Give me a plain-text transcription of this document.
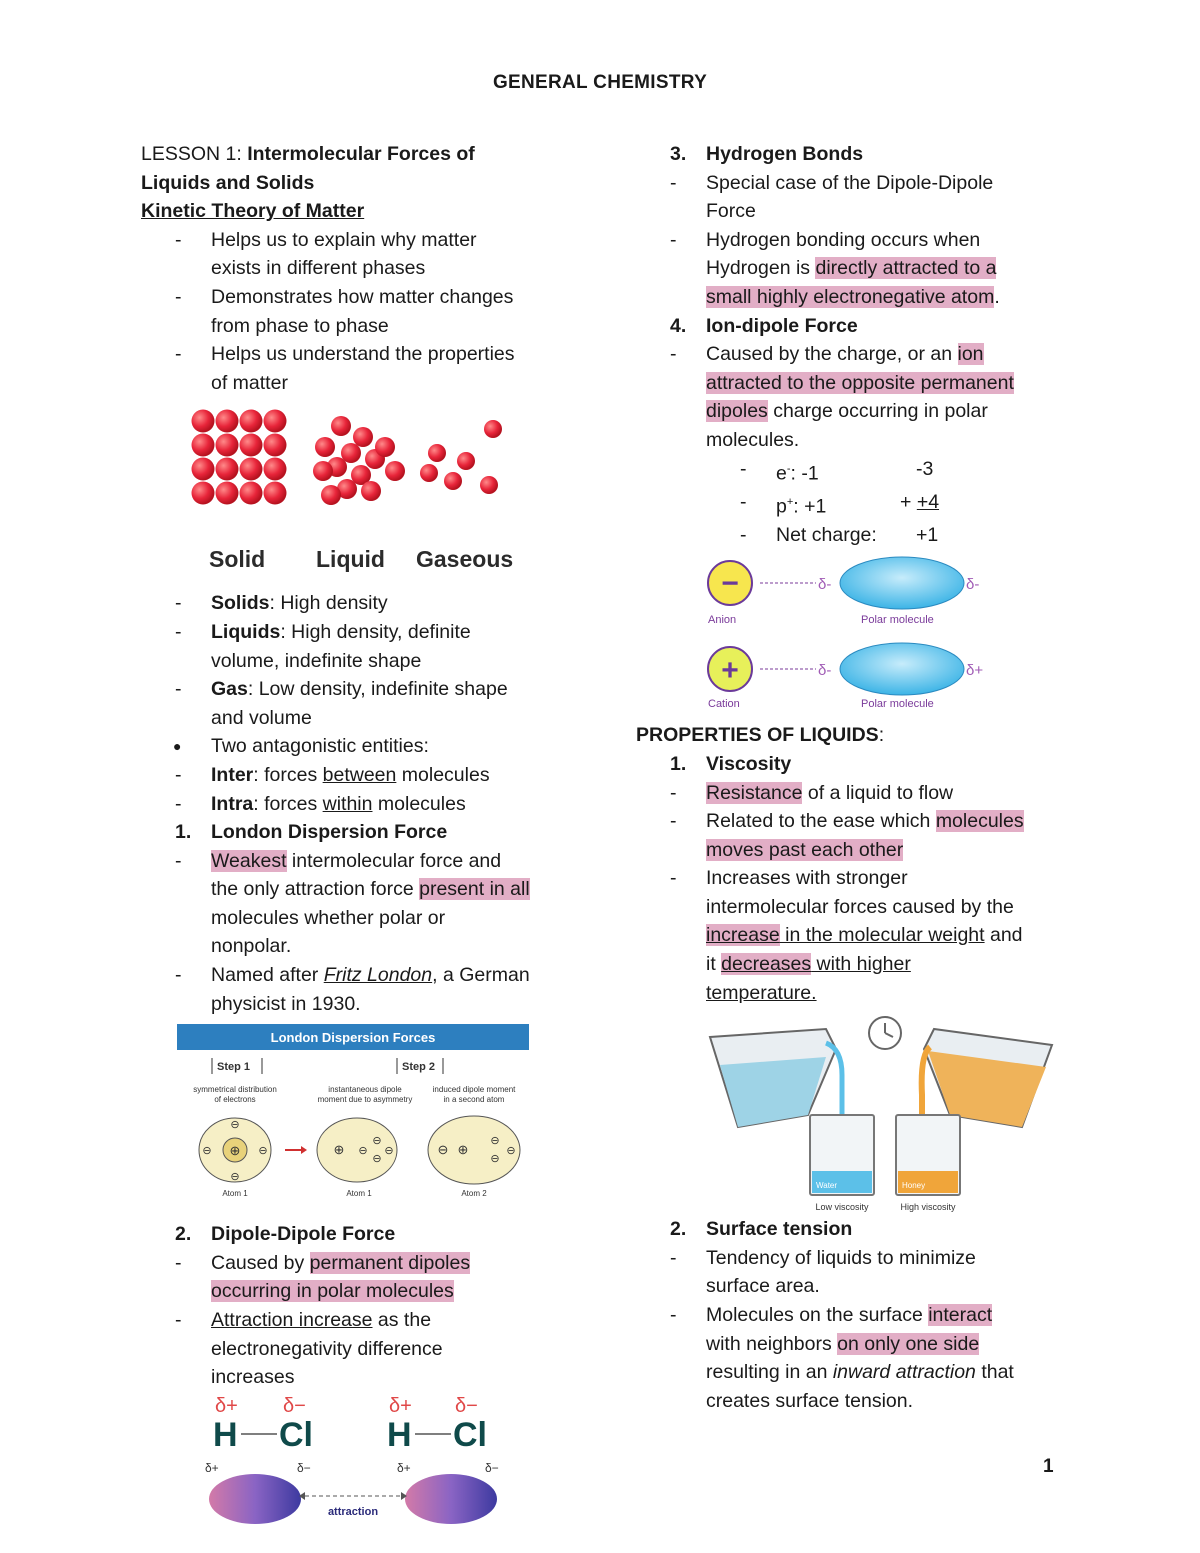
GENERAL CHEMISTRY
LESSON 1: Intermolecular Forces of
Liquids and Solids
Kinetic Theory of Matter
- Helps us to explain why matter
exists in different phases
- Demonstrates how matter changes
from phase to phase
- Helps us understand the properties
of matter
Solid Liquid Gaseous
- Solids: High density
- Liquids: High density, definite
volume, indefinite shape
- Gas: Low density, indefinite shape
and volume
● Two antagonistic entities:
- Inter: forces between molecules
- Intra: forces within molecules
1. London Dispersion Force
- Weakest intermolecular force and
the only attraction force present in all
molecules whether polar or
nonpolar.
- Named after Fritz London, a German
physicist in 1930.
London Dispersion Forces
Step 1	Step 2
symmetrical distribution
of electrons
instantaneous dipole
moment due to asymmetry
induced dipole moment
in a second atom
⊕
⊖
⊖
⊖	⊖	⊕
⊖
⊖
⊖
⊖	⊖ ⊕
⊖
⊖
⊖
Atom 1	Atom 1	Atom 2
2. Dipole-Dipole Force
- Caused by permanent dipoles
occurring in polar molecules
- Attraction increase as the
electronegativity difference
increases
δ+ δ−
H Cl
δ+ δ−
H Cl
δ+	δ−	δ+	δ−
attraction
3. Hydrogen Bonds
- Special case of the Dipole-Dipole
Force
- Hydrogen bonding occurs when
Hydrogen is directly attracted to a
small highly electronegative atom.
4. Ion-dipole Force
- Caused by the charge, or an ion
attracted to the opposite permanent
dipoles charge occurring in polar
molecules.
- e-: -1	-3
- p+: +1	+ +4
- Net charge: +1
−	δ-	δ-
Anion	Polar molecule
+	δ-	δ+
Cation	Polar molecule
PROPERTIES OF LIQUIDS:
1. Viscosity
- Resistance of a liquid to flow
- Related to the ease which molecules
moves past each other
- Increases with stronger
intermolecular forces caused by the
increase in the molecular weight and
it decreases with higher
temperature.
Water	Honey
Low viscosity	High viscosity
2. Surface tension
- Tendency of liquids to minimize
surface area.
- Molecules on the surface interact
with neighbors on only one side
resulting in an inward attraction that
creates surface tension.
1
